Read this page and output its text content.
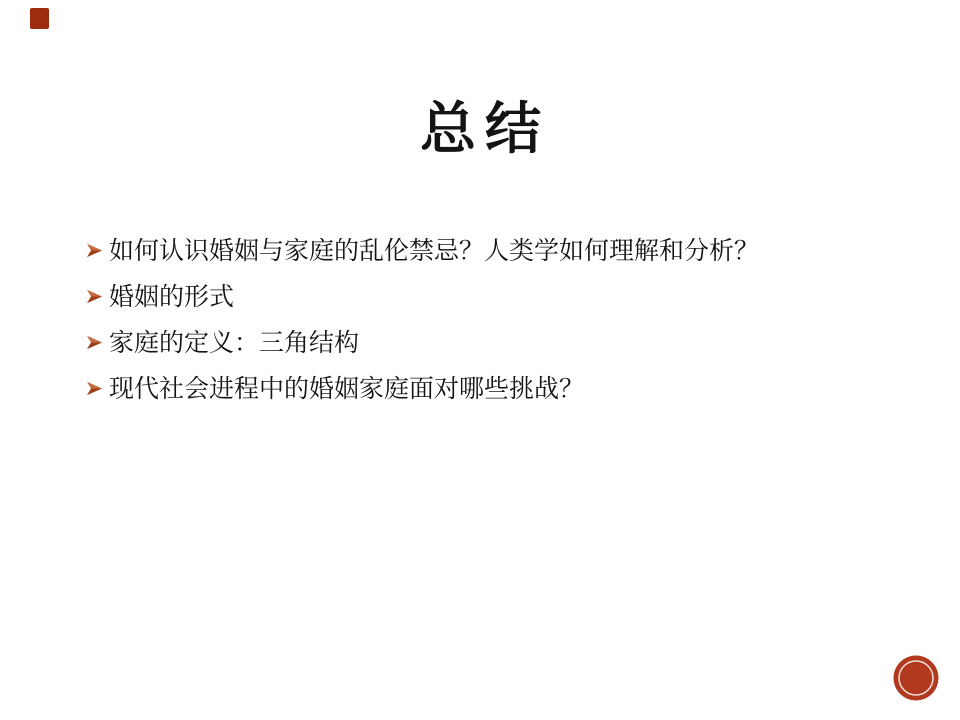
总结
如何认识婚姻与家庭的乱伦禁忌？人类学如何理解和分析？
婚姻的形式
家庭的定义：三角结构
现代社会进程中的婚姻家庭面对哪些挑战？
